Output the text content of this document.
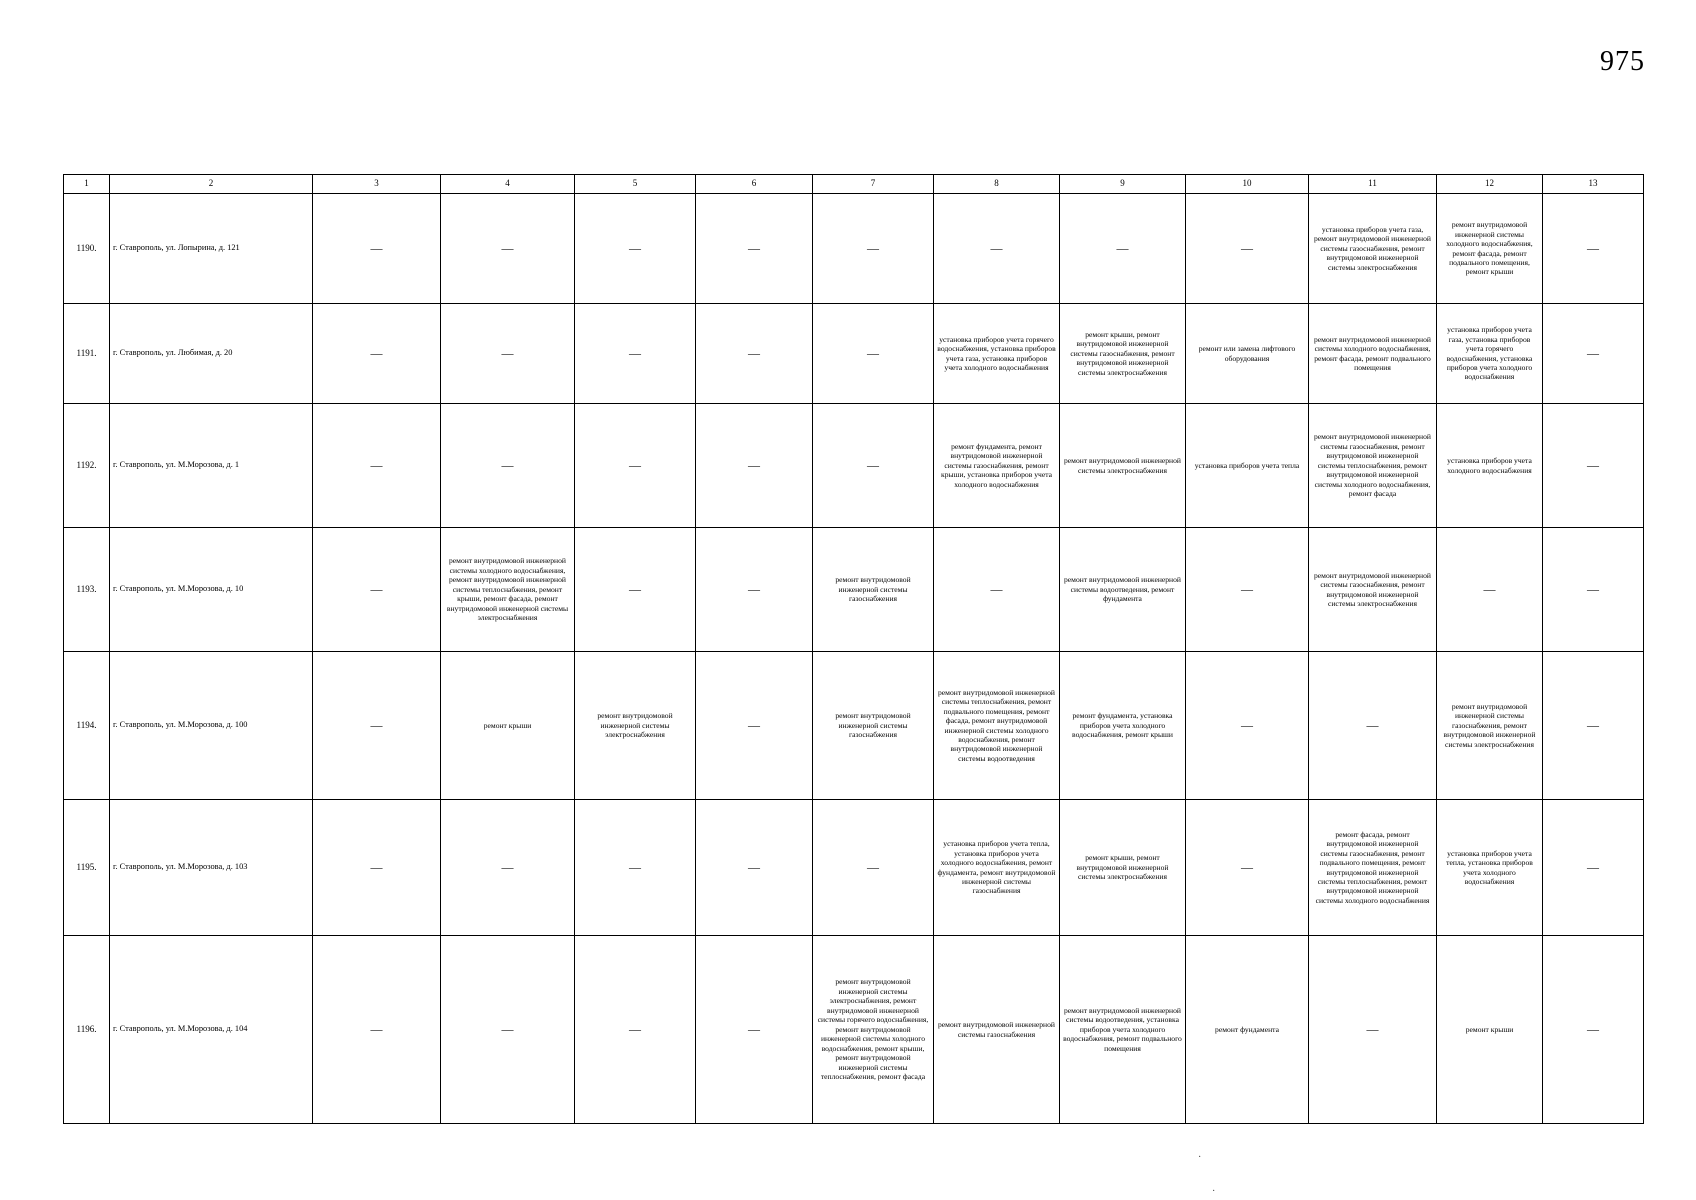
975
1	2	3	4	5	6	7	8	9	10	11	12	13
1190.	г. Ставрополь, ул. Лопырина, д. 121	—	—	—	—	—	—	—	—	установка приборов учета газа, ремонт внутридомовой инженерной системы газоснабжения, ремонт внутридомовой инженерной системы электроснабжения	ремонт внутридомовой инженерной системы холодного водоснабжения, ремонт фасада, ремонт подвального помещения, ремонт крыши	—
1191.	г. Ставрополь, ул. Любимая, д. 20	—	—	—	—	—	установка приборов учета горячего водоснабжения, установка приборов учета газа, установка приборов учета холодного водоснабжения	ремонт крыши, ремонт внутридомовой инженерной системы газоснабжения, ремонт внутридомовой инженерной системы электроснабжения	ремонт или замена лифтового оборудования	ремонт внутридомовой инженерной системы холодного водоснабжения, ремонт фасада, ремонт подвального помещения	установка приборов учета газа, установка приборов учета горячего водоснабжения, установка приборов учета холодного водоснабжения	—
1192.	г. Ставрополь, ул. М.Морозова, д. 1	—	—	—	—	—	ремонт фундамента, ремонт внутридомовой инженерной системы газоснабжения, ремонт крыши, установка приборов учета холодного водоснабжения	ремонт внутридомовой инженерной системы электроснабжения	установка приборов учета тепла	ремонт внутридомовой инженерной системы газоснабжения, ремонт внутридомовой инженерной системы теплоснабжения, ремонт внутридомовой инженерной системы холодного водоснабжения, ремонт фасада	установка приборов учета холодного водоснабжения	—
1193.	г. Ставрополь, ул. М.Морозова, д. 10	—	ремонт внутридомовой инженерной системы холодного водоснабжения, ремонт внутридомовой инженерной системы теплоснабжения, ремонт крыши, ремонт фасада, ремонт внутридомовой инженерной системы электроснабжения	—	—	ремонт внутридомовой инженерной системы газоснабжения	—	ремонт внутридомовой инженерной системы водоотведения, ремонт фундамента	—	ремонт внутридомовой инженерной системы газоснабжения, ремонт внутридомовой инженерной системы электроснабжения	—	—
1194.	г. Ставрополь, ул. М.Морозова, д. 100	—	ремонт крыши	ремонт внутридомовой инженерной системы электроснабжения	—	ремонт внутридомовой инженерной системы газоснабжения	ремонт внутридомовой инженерной системы теплоснабжения, ремонт подвального помещения, ремонт фасада, ремонт внутридомовой инженерной системы холодного водоснабжения, ремонт внутридомовой инженерной системы водоотведения	ремонт фундамента, установка приборов учета холодного водоснабжения, ремонт крыши	—	—	ремонт внутридомовой инженерной системы газоснабжения, ремонт внутридомовой инженерной системы электроснабжения	—
1195.	г. Ставрополь, ул. М.Морозова, д. 103	—	—	—	—	—	установка приборов учета тепла, установка приборов учета холодного водоснабжения, ремонт фундамента, ремонт внутридомовой инженерной системы газоснабжения	ремонт крыши, ремонт внутридомовой инженерной системы электроснабжения	—	ремонт фасада, ремонт внутридомовой инженерной системы газоснабжения, ремонт подвального помещения, ремонт внутридомовой инженерной системы теплоснабжения, ремонт внутридомовой инженерной системы холодного водоснабжения	установка приборов учета тепла, установка приборов учета холодного водоснабжения	—
1196.	г. Ставрополь, ул. М.Морозова, д. 104	—	—	—	—	ремонт внутридомовой инженерной системы электроснабжения, ремонт внутридомовой инженерной системы горячего водоснабжения, ремонт внутридомовой инженерной системы холодного водоснабжения, ремонт крыши, ремонт внутридомовой инженерной системы теплоснабжения, ремонт фасада	ремонт внутридомовой инженерной системы газоснабжения	ремонт внутридомовой инженерной системы водоотведения, установка приборов учета холодного водоснабжения, ремонт подвального помещения	ремонт фундамента	—	ремонт крыши	—
·
·
